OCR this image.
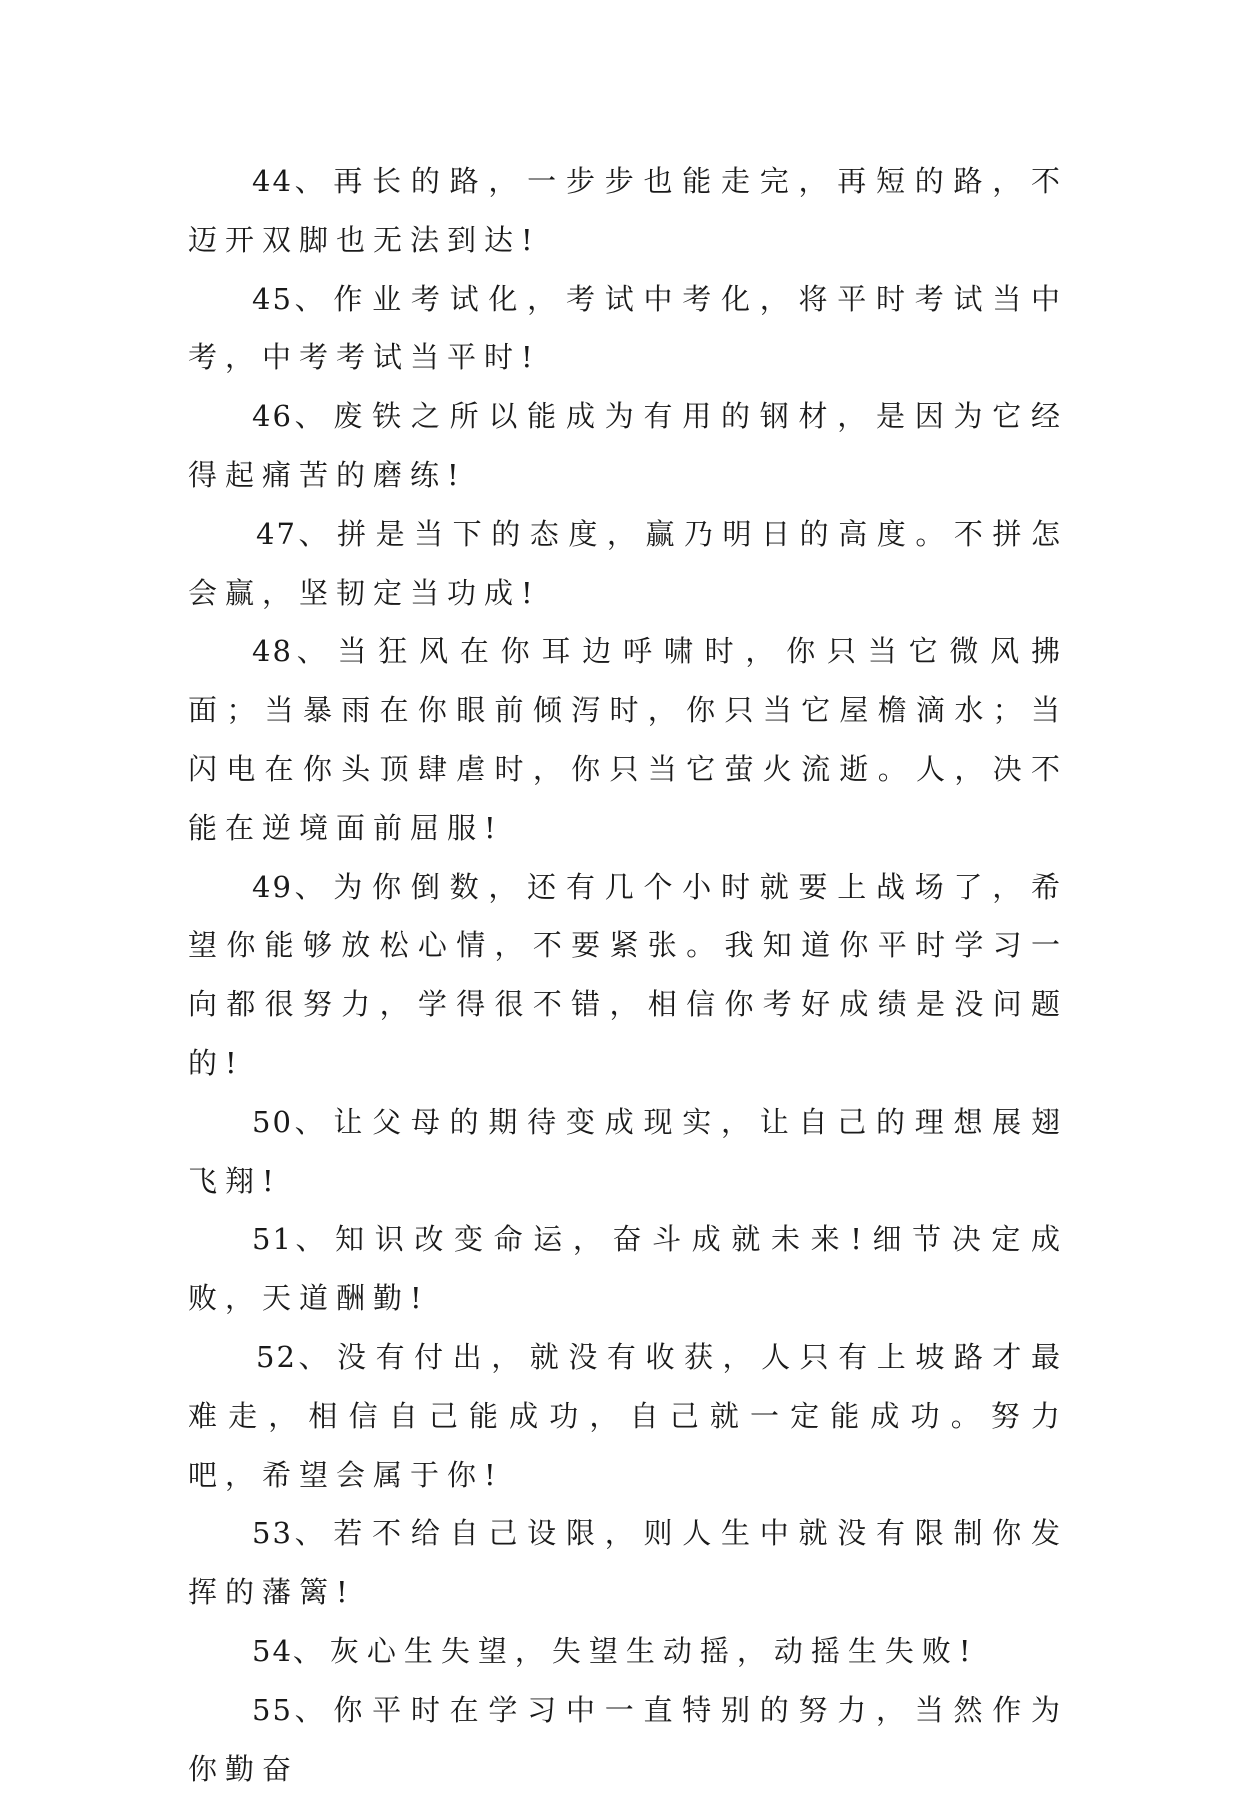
44、再长的路，一步步也能走完，再短的路，不迈开双脚也无法到达!

45、作业考试化，考试中考化，将平时考试当中考，中考考试当平时!

46、废铁之所以能成为有用的钢材，是因为它经得起痛苦的磨练!

47、拼是当下的态度，赢乃明日的高度。不拼怎会赢，坚韧定当功成!

48、当狂风在你耳边呼啸时，你只当它微风拂面；当暴雨在你眼前倾泻时，你只当它屋檐滴水；当闪电在你头顶肆虐时，你只当它萤火流逝。人，决不能在逆境面前屈服!

49、为你倒数，还有几个小时就要上战场了，希望你能够放松心情，不要紧张。我知道你平时学习一向都很努力，学得很不错，相信你考好成绩是没问题的!

50、让父母的期待变成现实，让自己的理想展翅飞翔!

51、知识改变命运，奋斗成就未来!细节决定成败，天道酬勤!

52、没有付出，就没有收获，人只有上坡路才最难走，相信自己能成功，自己就一定能成功。努力吧，希望会属于你!

53、若不给自己设限，则人生中就没有限制你发挥的藩篱!

54、灰心生失望，失望生动摇，动摇生失败!

55、你平时在学习中一直特别的努力，当然作为你勤奋
